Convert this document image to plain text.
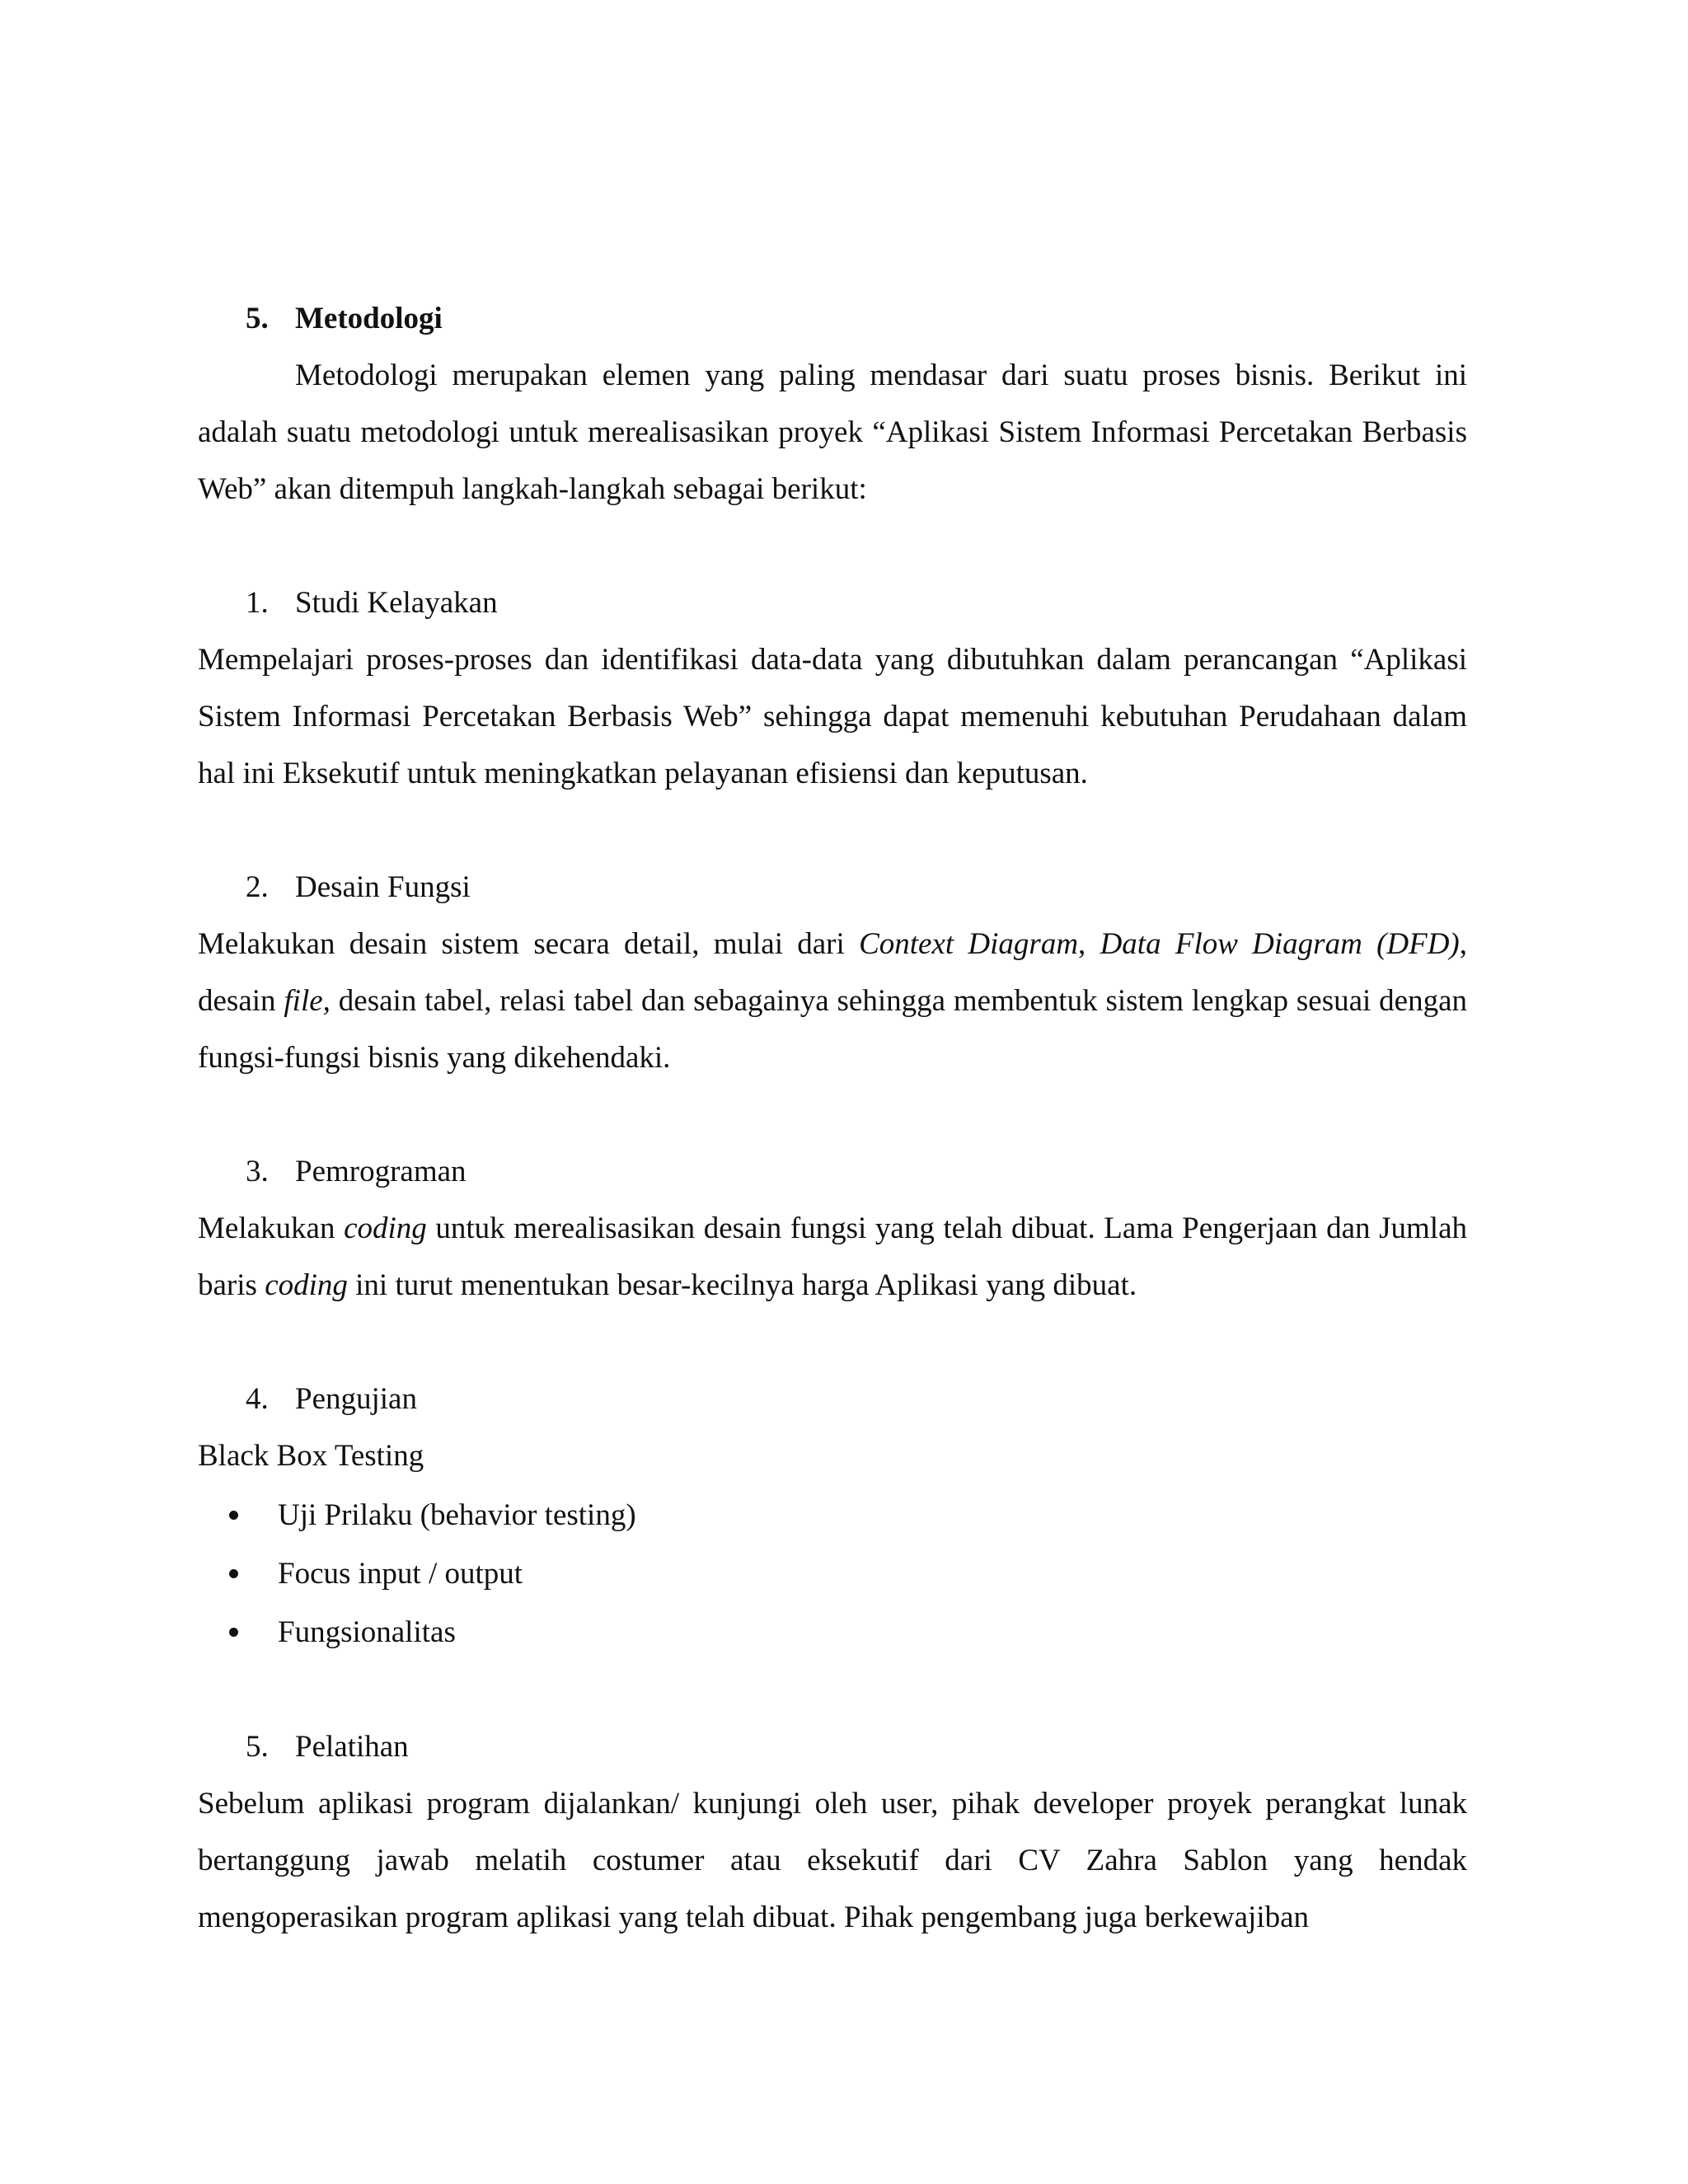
5. Metodologi

Metodologi merupakan elemen yang paling mendasar dari suatu proses bisnis. Berikut ini adalah suatu metodologi untuk merealisasikan proyek “Aplikasi Sistem Informasi Percetakan Berbasis Web” akan ditempuh langkah-langkah sebagai berikut:

1. Studi Kelayakan

Mempelajari proses-proses dan identifikasi data-data yang dibutuhkan dalam perancangan “Aplikasi Sistem Informasi Percetakan Berbasis Web” sehingga dapat memenuhi kebutuhan Perudahaan dalam hal ini Eksekutif untuk meningkatkan pelayanan efisiensi dan keputusan.

2. Desain Fungsi

Melakukan desain sistem secara detail, mulai dari Context Diagram, Data Flow Diagram (DFD), desain file, desain tabel, relasi tabel dan sebagainya sehingga membentuk sistem lengkap sesuai dengan fungsi-fungsi bisnis yang dikehendaki.

3. Pemrograman

Melakukan coding untuk merealisasikan desain fungsi yang telah dibuat. Lama Pengerjaan dan Jumlah baris coding ini turut menentukan besar-kecilnya harga Aplikasi yang dibuat.

4. Pengujian
Black Box Testing
Uji Prilaku (behavior testing)
Focus input / output
Fungsionalitas
5. Pelatihan

Sebelum aplikasi program dijalankan/ kunjungi oleh user, pihak developer proyek perangkat lunak bertanggung jawab melatih costumer atau eksekutif dari CV Zahra Sablon yang hendak mengoperasikan program aplikasi yang telah dibuat. Pihak pengembang juga berkewajiban
